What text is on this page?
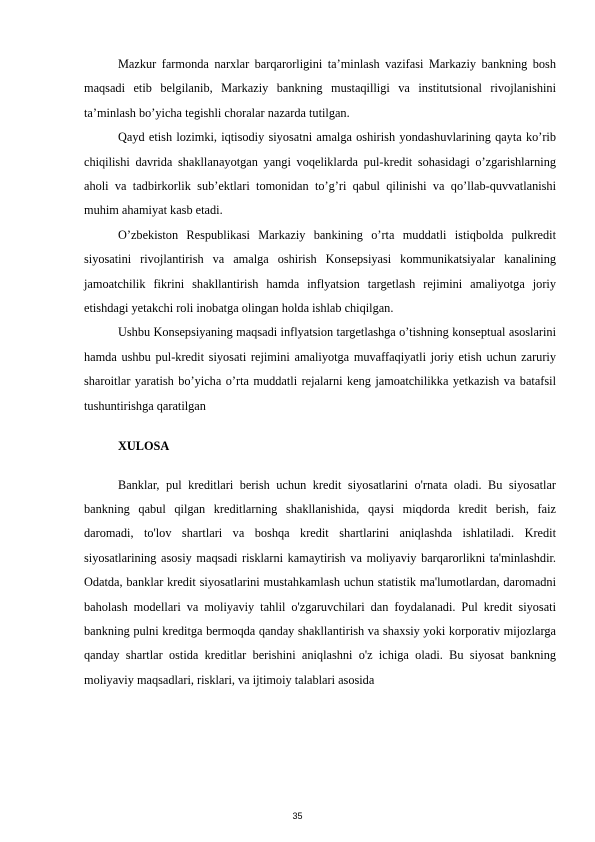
Mazkur farmonda narxlar barqarorligini ta’minlash vazifasi Markaziy bankning bosh maqsadi etib belgilanib, Markaziy bankning mustaqilligi va institutsional rivojlanishini ta’minlash bo’yicha tegishli choralar nazarda tutilgan.

Qayd etish lozimki, iqtisodiy siyosatni amalga oshirish yondashuvlarining qayta ko’rib chiqilishi davrida shakllanayotgan yangi voqeliklarda pul-kredit sohasidagi o’zgarishlarning aholi va tadbirkorlik sub’ektlari tomonidan to’g’ri qabul qilinishi va qo’llab-quvvatlanishi muhim ahamiyat kasb etadi.

O’zbekiston Respublikasi Markaziy bankining o’rta muddatli istiqbolda pulkredit siyosatini rivojlantirish va amalga oshirish Konsepsiyasi kommunikatsiyalar kanalining jamoatchilik fikrini shakllantirish hamda inflyatsion targetlash rejimini amaliyotga joriy etishdagi yetakchi roli inobatga olingan holda ishlab chiqilgan.

Ushbu Konsepsiyaning maqsadi inflyatsion targetlashga o’tishning konseptual asoslarini hamda ushbu pul-kredit siyosati rejimini amaliyotga muvaffaqiyatli joriy etish uchun zaruriy sharoitlar yaratish bo’yicha o’rta muddatli rejalarni keng jamoatchilikka yetkazish va batafsil tushuntirishga qaratilgan

XULOSA

Banklar, pul kreditlari berish uchun kredit siyosatlarini o'rnata oladi. Bu siyosatlar bankning qabul qilgan kreditlarning shakllanishida, qaysi miqdorda kredit berish, faiz daromadi, to'lov shartlari va boshqa kredit shartlarini aniqlashda ishlatiladi. Kredit siyosatlarining asosiy maqsadi risklarni kamaytirish va moliyaviy barqarorlikni ta'minlashdir. Odatda, banklar kredit siyosatlarini mustahkamlash uchun statistik ma'lumotlardan, daromadni baholash modellari va moliyaviy tahlil o'zgaruvchilari dan foydalanadi. Pul kredit siyosati bankning pulni kreditga bermoqda qanday shakllantirish va shaxsiy yoki korporativ mijozlarga qanday shartlar ostida kreditlar berishini aniqlashni o'z ichiga oladi. Bu siyosat bankning moliyaviy maqsadlari, risklari, va ijtimoiy talablari asosida

35
